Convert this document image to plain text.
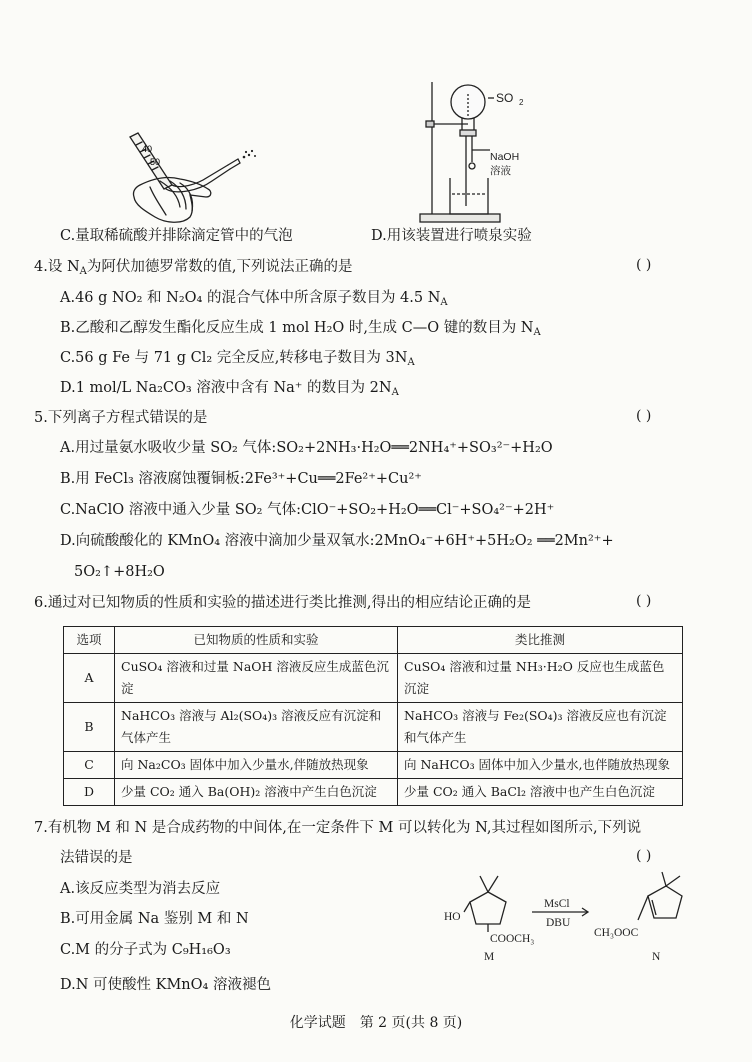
40
50
SO 2
NaOH
溶液
C.量取稀硫酸并排除滴定管中的气泡	D.用该装置进行喷泉实验
4.设 $N_A$为阿伏加德罗常数的值,下列说法正确的是	( )
A.46 g NO₂ 和 N₂O₄ 的混合气体中所含原子数目为 4.5 $N_A$
B.乙酸和乙醇发生酯化反应生成 1 mol H₂O 时,生成 C—O 键的数目为 $N_A$
C.56 g Fe 与 71 g Cl₂ 完全反应,转移电子数目为 $3N_A$
D.1 mol/L Na₂CO₃ 溶液中含有 Na⁺ 的数目为 $2N_A$
5.下列离子方程式错误的是	( )
A.用过量氨水吸收少量 SO₂ 气体:SO₂+2NH₃·H₂O══2NH₄⁺+SO₃²⁻+H₂O
B.用 FeCl₃ 溶液腐蚀覆铜板:2Fe³⁺+Cu══2Fe²⁺+Cu²⁺
C.NaClO 溶液中通入少量 SO₂ 气体:ClO⁻+SO₂+H₂O══Cl⁻+SO₄²⁻+2H⁺
D.向硫酸酸化的 KMnO₄ 溶液中滴加少量双氧水:2MnO₄⁻+6H⁺+5H₂O₂ ══2Mn²⁺+
5O₂↑+8H₂O
6.通过对已知物质的性质和实验的描述进行类比推测,得出的相应结论正确的是	( )
选项	已知物质的性质和实验	类比推测
A	CuSO₄ 溶液和过量 NaOH 溶液反应生成蓝色沉淀	CuSO₄ 溶液和过量 NH₃·H₂O 反应也生成蓝色沉淀
B	NaHCO₃ 溶液与 Al₂(SO₄)₃ 溶液反应有沉淀和气体产生	NaHCO₃ 溶液与 Fe₂(SO₄)₃ 溶液反应也有沉淀和气体产生
C	向 Na₂CO₃ 固体中加入少量水,伴随放热现象	向 NaHCO₃ 固体中加入少量水,也伴随放热现象
D	少量 CO₂ 通入 Ba(OH)₂ 溶液中产生白色沉淀	少量 CO₂ 通入 BaCl₂ 溶液中也产生白色沉淀
7.有机物 M 和 N 是合成药物的中间体,在一定条件下 M 可以转化为 N,其过程如图所示,下列说
法错误的是	( )
A.该反应类型为消去反应
B.可用金属 Na 鉴别 M 和 N
C.M 的分子式为 C₉H₁₆O₃
D.N 可使酸性 KMnO₄ 溶液褪色
HO
COOCH₃
M
MsCl
DBU
CH₃OOC
N
化学试题　第 2 页(共 8 页)
